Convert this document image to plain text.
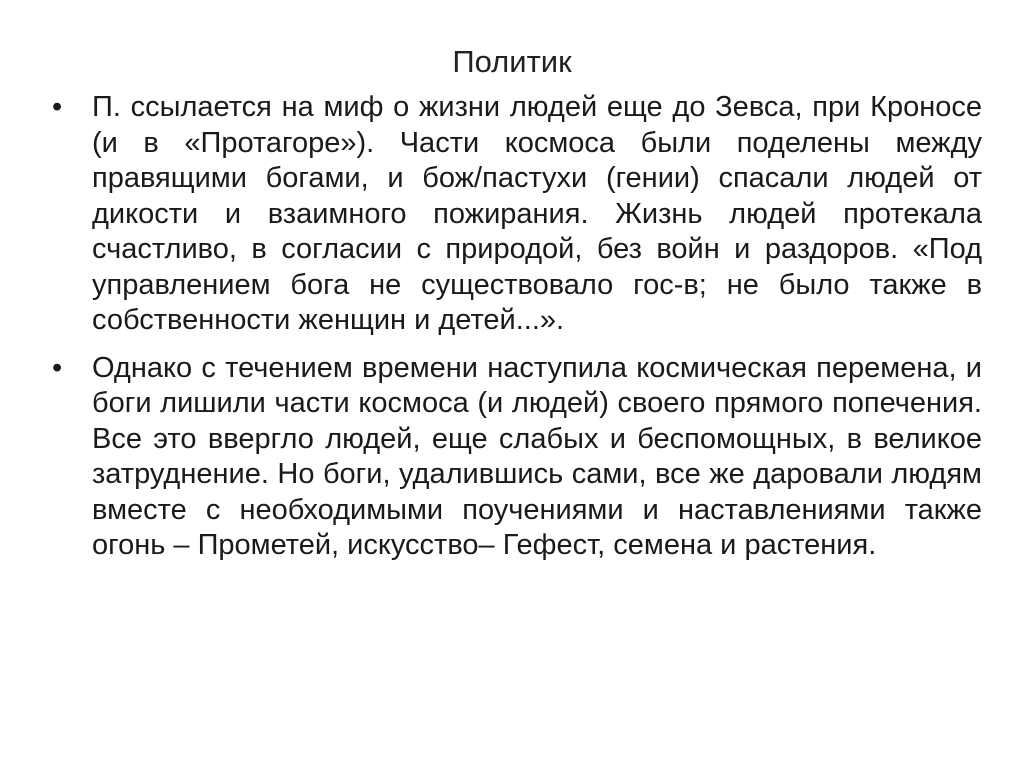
Политик
• П. ссылается на миф о жизни людей еще до Зевса, при Кроносе (и в «Протагоре»). Части космоса были поделены между правящими богами, и бож/пастухи (гении) спасали людей от дикости и взаимного пожирания. Жизнь людей протекала счастливо, в согласии с природой, без войн и раздоров. «Под управлением бога не существовало гос-в; не было также в собственности женщин и детей...».
• Однако с течением времени наступила космическая перемена, и боги лишили части космоса (и людей) своего прямого попечения. Все это ввергло людей, еще слабых и беспомощных, в великое затруднение. Но боги, удалившись сами, все же даровали людям вместе с необходимыми поучениями и наставлениями также огонь – Прометей, искусство– Гефест, семена и растения.
